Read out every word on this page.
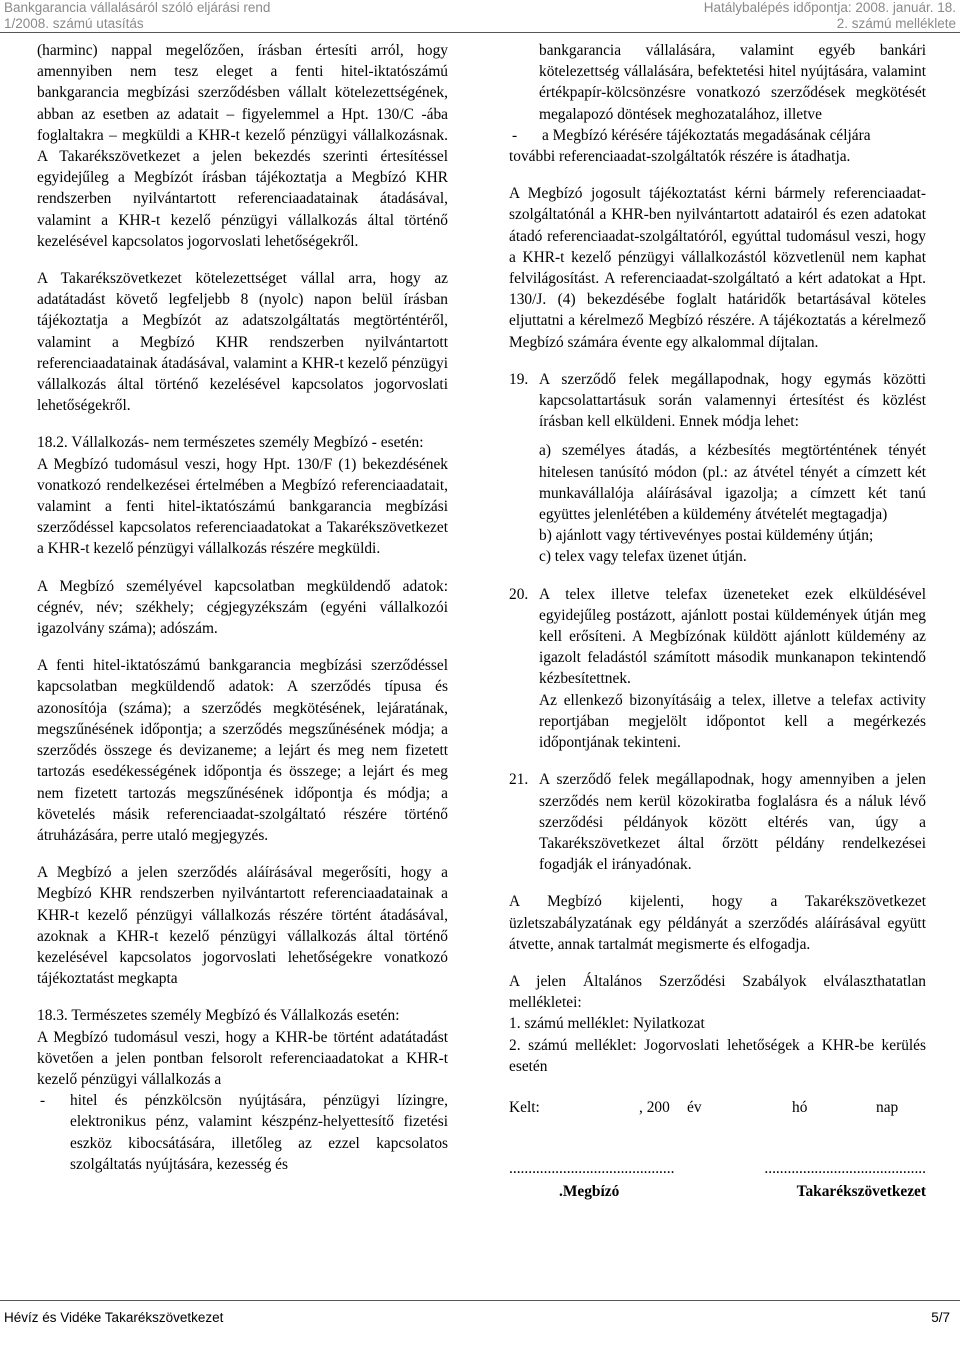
Bankgarancia vállalásáról szóló eljárási rend
1/2008. számú utasítás
Hatálybalépés időpontja: 2008. január. 18.
2. számú melléklete

(harminc) nappal megelőzően, írásban értesíti arról, hogy amennyiben nem tesz eleget a fenti hitel-iktatószámú bankgarancia megbízási szerződésben vállalt kötelezettségének, abban az esetben az adatait – figyelemmel a Hpt. 130/C -ába foglaltakra – megküldi a KHR-t kezelő pénzügyi vállalkozásnak. A Takarékszövetkezet a jelen bekezdés szerinti értesítéssel egyidejűleg a Megbízót írásban tájékoztatja a Megbízó KHR rendszerben nyilvántartott referenciaadatainak átadásával, valamint a KHR-t kezelő pénzügyi vállalkozás által történő kezelésével kapcsolatos jogorvoslati lehetőségekről.

A Takarékszövetkezet kötelezettséget vállal arra, hogy az adatátadást követő legfeljebb 8 (nyolc) napon belül írásban tájékoztatja a Megbízót az adatszolgáltatás megtörténtéről, valamint a Megbízó KHR rendszerben nyilvántartott referenciaadatainak átadásával, valamint a KHR-t kezelő pénzügyi vállalkozás által történő kezelésével kapcsolatos jogorvoslati lehetőségekről.

18.2. Vállalkozás- nem természetes személy Megbízó - esetén:
A Megbízó tudomásul veszi, hogy Hpt. 130/F (1) bekezdésének vonatkozó rendelkezései értelmében a Megbízó referenciaadatait, valamint a fenti hitel-iktatószámú bankgarancia megbízási szerződéssel kapcsolatos referenciaadatokat a Takarékszövetkezet a KHR-t kezelő pénzügyi vállalkozás részére megküldi.

A Megbízó személyével kapcsolatban megküldendő adatok: cégnév, név; székhely; cégjegyzékszám (egyéni vállalkozói igazolvány száma); adószám.

A fenti hitel-iktatószámú bankgarancia megbízási szerződéssel kapcsolatban megküldendő adatok: A szerződés típusa és azonosítója (száma); a szerződés megkötésének, lejáratának, megszűnésének időpontja; a szerződés megszűnésének módja; a szerződés összege és devizaneme; a lejárt és meg nem fizetett tartozás esedékességének időpontja és összege; a lejárt és meg nem fizetett tartozás megszűnésének időpontja és módja; a követelés másik referenciaadat-szolgáltató részére történő átruházására, perre utaló megjegyzés.

A Megbízó a jelen szerződés aláírásával megerősíti, hogy a Megbízó KHR rendszerben nyilvántartott referenciaadatainak a KHR-t kezelő pénzügyi vállalkozás részére történt átadásával, azoknak a KHR-t kezelő pénzügyi vállalkozás által történő kezelésével kapcsolatos jogorvoslati lehetőségekre vonatkozó tájékoztatást megkapta

18.3. Természetes személy Megbízó és Vállalkozás esetén:
A Megbízó tudomásul veszi, hogy a KHR-be történt adatátadást követően a jelen pontban felsorolt referenciaadatokat a KHR-t kezelő pénzügyi vállalkozás a
-	hitel és pénzkölcsön nyújtására, pénzügyi lízingre, elektronikus pénz, valamint készpénz-helyettesítő fizetési eszköz kibocsátására, illetőleg az ezzel kapcsolatos szolgáltatás nyújtására, kezesség és
bankgarancia vállalására, valamint egyéb bankári kötelezettség vállalására, befektetési hitel nyújtására, valamint értékpapír-kölcsönzésre vonatkozó szerződések megkötését megalapozó döntések meghozatalához, illetve
-	a Megbízó kérésére tájékoztatás megadásának céljára

további referenciaadat-szolgáltatók részére is átadhatja.

A Megbízó jogosult tájékoztatást kérni bármely referenciaadat-szolgáltatónál a KHR-ben nyilvántartott adatairól és ezen adatokat átadó referenciaadat-szolgáltatóról, egyúttal tudomásul veszi, hogy a KHR-t kezelő pénzügyi vállalkozástól közvetlenül nem kaphat felvilágosítást. A referenciaadat-szolgáltató a kért adatokat a Hpt. 130/J. (4) bekezdésébe foglalt határidők betartásával köteles eljuttatni a kérelmező Megbízó részére. A tájékoztatás a kérelmező Megbízó számára évente egy alkalommal díjtalan.

19. A szerződő felek megállapodnak, hogy egymás közötti kapcsolattartásuk során valamennyi értesítést és közlést írásban kell elküldeni. Ennek módja lehet:

a) személyes átadás, a kézbesítés megtörténtének tényét hitelesen tanúsító módon (pl.: az átvétel tényét a címzett két munkavállalója aláírásával igazolja; a címzett két tanú együttes jelenlétében a küldemény átvételét megtagadja)

b) ajánlott vagy tértivevényes postai küldemény útján;

c) telex vagy telefax üzenet útján.

20. A telex illetve telefax üzeneteket ezek elküldésével egyidejűleg postázott, ajánlott postai küldemények útján meg kell erősíteni. A Megbízónak küldött ajánlott küldemény az igazolt feladástól számított második munkanapon tekintendő kézbesítettnek.

Az ellenkező bizonyításáig a telex, illetve a telefax activity reportjában megjelölt időpontot kell a megérkezés időpontjának tekinteni.

21. A szerződő felek megállapodnak, hogy amennyiben a jelen szerződés nem kerül közokiratba foglalásra és a náluk lévő szerződési példányok között eltérés van, úgy a Takarékszövetkezet által őrzött példány rendelkezései fogadják el irányadónak.

A Megbízó kijelenti, hogy a Takarékszövetkezet üzletszabályzatának egy példányát a szerződés aláírásával együtt átvette, annak tartalmát megismerte és elfogadja.

A jelen Általános Szerződési Szabályok elválaszthatatlan mellékletei:

1. számú melléklet: Nyilatkozat

2. számú melléklet: Jogorvoslati lehetőségek a KHR-be kerülés esetén

Kelt:	, 200	év	hó	nap
...........................................	..........................................
.Megbízó	Takarékszövetkezet
Hévíz és Vidéke Takarékszövetkezet	5/7
